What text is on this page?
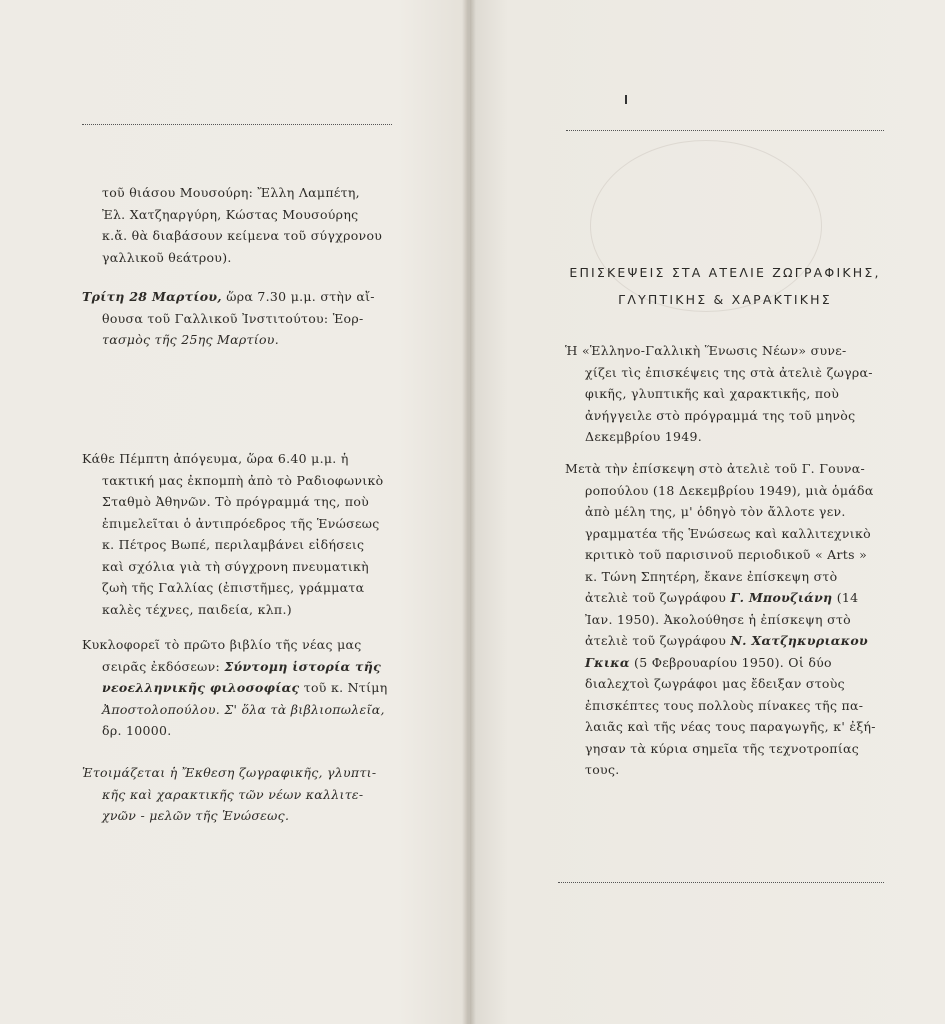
τοῦ θιάσου Μουσούρη: Ἔλλη Λαμπέτη,
Ἐλ. Χατζηαργύρη, Κώστας Μουσούρης
κ.ἄ. θὰ διαβάσουν κείμενα τοῦ σύγχρονου
γαλλικοῦ θεάτρου).
Τρίτη 28 Μαρτίου, ὥρα 7.30 μ.μ. στὴν αἴ-
θουσα τοῦ Γαλλικοῦ Ἰνστιτούτου: Ἑορ-
τασμὸς τῆς 25ης Μαρτίου.
Κάθε Πέμπτη ἀπόγευμα, ὥρα 6.40 μ.μ. ἡ
τακτική μας ἐκπομπὴ ἀπὸ τὸ Ραδιοφωνικὸ
Σταθμὸ Ἀθηνῶν. Τὸ πρόγραμμά της, ποὺ
ἐπιμελεῖται ὁ ἀντιπρόεδρος τῆς Ἑνώσεως
κ. Πέτρος Βωπέ, περιλαμβάνει εἰδήσεις
καὶ σχόλια γιὰ τὴ σύγχρονη πνευματικὴ
ζωὴ τῆς Γαλλίας (ἐπιστῆμες, γράμματα
καλὲς τέχνες, παιδεία, κλπ.)
Κυκλοφορεῖ τὸ πρῶτο βιβλίο τῆς νέας μας
σειρᾶς ἐκδόσεων: Σύντομη ἱστορία τῆς
νεοελληνικῆς φιλοσοφίας τοῦ κ. Ντίμη
Ἀποστολοπούλου. Σ' ὅλα τὰ βιβλιοπωλεῖα,
δρ. 10000.
Ἑτοιμάζεται ἡ Ἔκθεση ζωγραφικῆς, γλυπτι-
κῆς καὶ χαρακτικῆς τῶν νέων καλλιτε-
χνῶν - μελῶν τῆς Ἑνώσεως.
ΕΠΙΣΚΕΨΕΙΣ ΣΤΑ ΑΤΕΛΙΕ ΖΩΓΡΑΦΙΚΗΣ,
ΓΛΥΠΤΙΚΗΣ & ΧΑΡΑΚΤΙΚΗΣ
Ἡ «Ἑλληνο-Γαλλικὴ Ἕνωσις Νέων» συνε-
χίζει τὶς ἐπισκέψεις της στὰ ἀτελιὲ ζωγρα-
φικῆς, γλυπτικῆς καὶ χαρακτικῆς, ποὺ
ἀνήγγειλε στὸ πρόγραμμά της τοῦ μηνὸς
Δεκεμβρίου 1949.
Μετὰ τὴν ἐπίσκεψη στὸ ἀτελιὲ τοῦ Γ. Γουνα-
ροπούλου (18 Δεκεμβρίου 1949), μιὰ ὁμάδα
ἀπὸ μέλη της, μ' ὁδηγὸ τὸν ἄλλοτε γεν.
γραμματέα τῆς Ἑνώσεως καὶ καλλιτεχνικὸ
κριτικὸ τοῦ παρισινοῦ περιοδικοῦ « Arts »
κ. Τώνη Σπητέρη, ἔκανε ἐπίσκεψη στὸ
ἀτελιὲ τοῦ ζωγράφου Γ. Μπουζιάνη (14
Ἰαν. 1950). Ἀκολούθησε ἡ ἐπίσκεψη στὸ
ἀτελιὲ τοῦ ζωγράφου Ν. Χατζηκυριακου
Γκικα (5 Φεβρουαρίου 1950). Οἱ δύο
διαλεχτοὶ ζωγράφοι μας ἔδειξαν στοὺς
ἐπισκέπτες τους πολλοὺς πίνακες τῆς πα-
λαιᾶς καὶ τῆς νέας τους παραγωγῆς, κ' ἐξή-
γησαν τὰ κύρια σημεῖα τῆς τεχνοτροπίας
τους.
